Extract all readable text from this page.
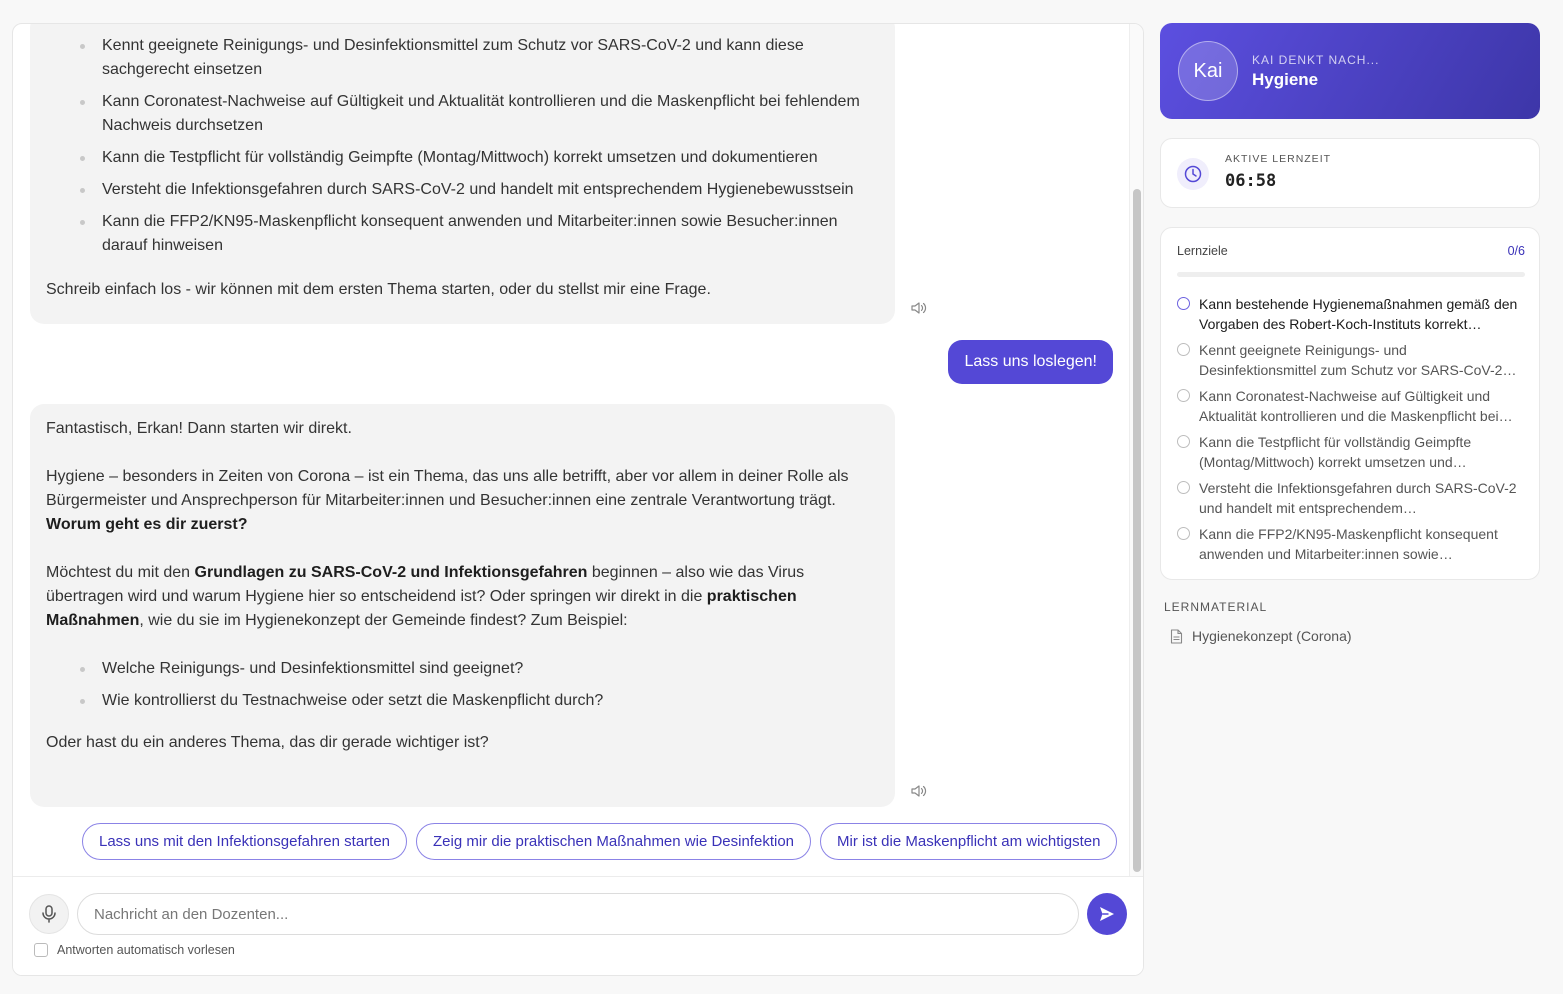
Kennt geeignete Reinigungs- und Desinfektionsmittel zum Schutz vor SARS-CoV-2 und kann diese sachgerecht einsetzen
Kann Coronatest-Nachweise auf Gültigkeit und Aktualität kontrollieren und die Maskenpflicht bei fehlendem Nachweis durchsetzen
Kann die Testpflicht für vollständig Geimpfte (Montag/Mittwoch) korrekt umsetzen und dokumentieren
Versteht die Infektionsgefahren durch SARS-CoV-2 und handelt mit entsprechendem Hygienebewusstsein
Kann die FFP2/KN95-Maskenpflicht konsequent anwenden und Mitarbeiter:innen sowie Besucher:innen darauf hinweisen

Schreib einfach los - wir können mit dem ersten Thema starten, oder du stellst mir eine Frage.

Lass uns loslegen!

Fantastisch, Erkan! Dann starten wir direkt.

Hygiene – besonders in Zeiten von Corona – ist ein Thema, das uns alle betrifft, aber vor allem in deiner Rolle als Bürgermeister und Ansprechperson für Mitarbeiter:innen und Besucher:innen eine zentrale Verantwortung trägt.
Worum geht es dir zuerst?

Möchtest du mit den Grundlagen zu SARS-CoV-2 und Infektionsgefahren beginnen – also wie das Virus übertragen wird und warum Hygiene hier so entscheidend ist? Oder springen wir direkt in die praktischen Maßnahmen, wie du sie im Hygienekonzept der Gemeinde findest? Zum Beispiel:

Welche Reinigungs- und Desinfektionsmittel sind geeignet?
Wie kontrollierst du Testnachweise oder setzt die Maskenpflicht durch?

Oder hast du ein anderes Thema, das dir gerade wichtiger ist?

Lass uns mit den Infektionsgefahren starten	Zeig mir die praktischen Maßnahmen wie Desinfektion	Mir ist die Maskenpflicht am wichtigsten
Nachricht an den Dozenten...
Antworten automatisch vorlesen
Kai	KAI DENKT NACH...
Hygiene
AKTIVE LERNZEIT
06:58
Lernziele	0/6
Kann bestehende Hygienemaßnahmen gemäß den Vorgaben des Robert-Koch-Instituts korrekt
Kennt geeignete Reinigungs- und Desinfektionsmittel zum Schutz vor SARS-CoV-2
Kann Coronatest-Nachweise auf Gültigkeit und Aktualität kontrollieren und die Maskenpflicht bei
Kann die Testpflicht für vollständig Geimpfte (Montag/Mittwoch) korrekt umsetzen und
Versteht die Infektionsgefahren durch SARS-CoV-2 und handelt mit entsprechendem
Kann die FFP2/KN95-Maskenpflicht konsequent anwenden und Mitarbeiter:innen sowie
LERNMATERIAL
Hygienekonzept (Corona)
